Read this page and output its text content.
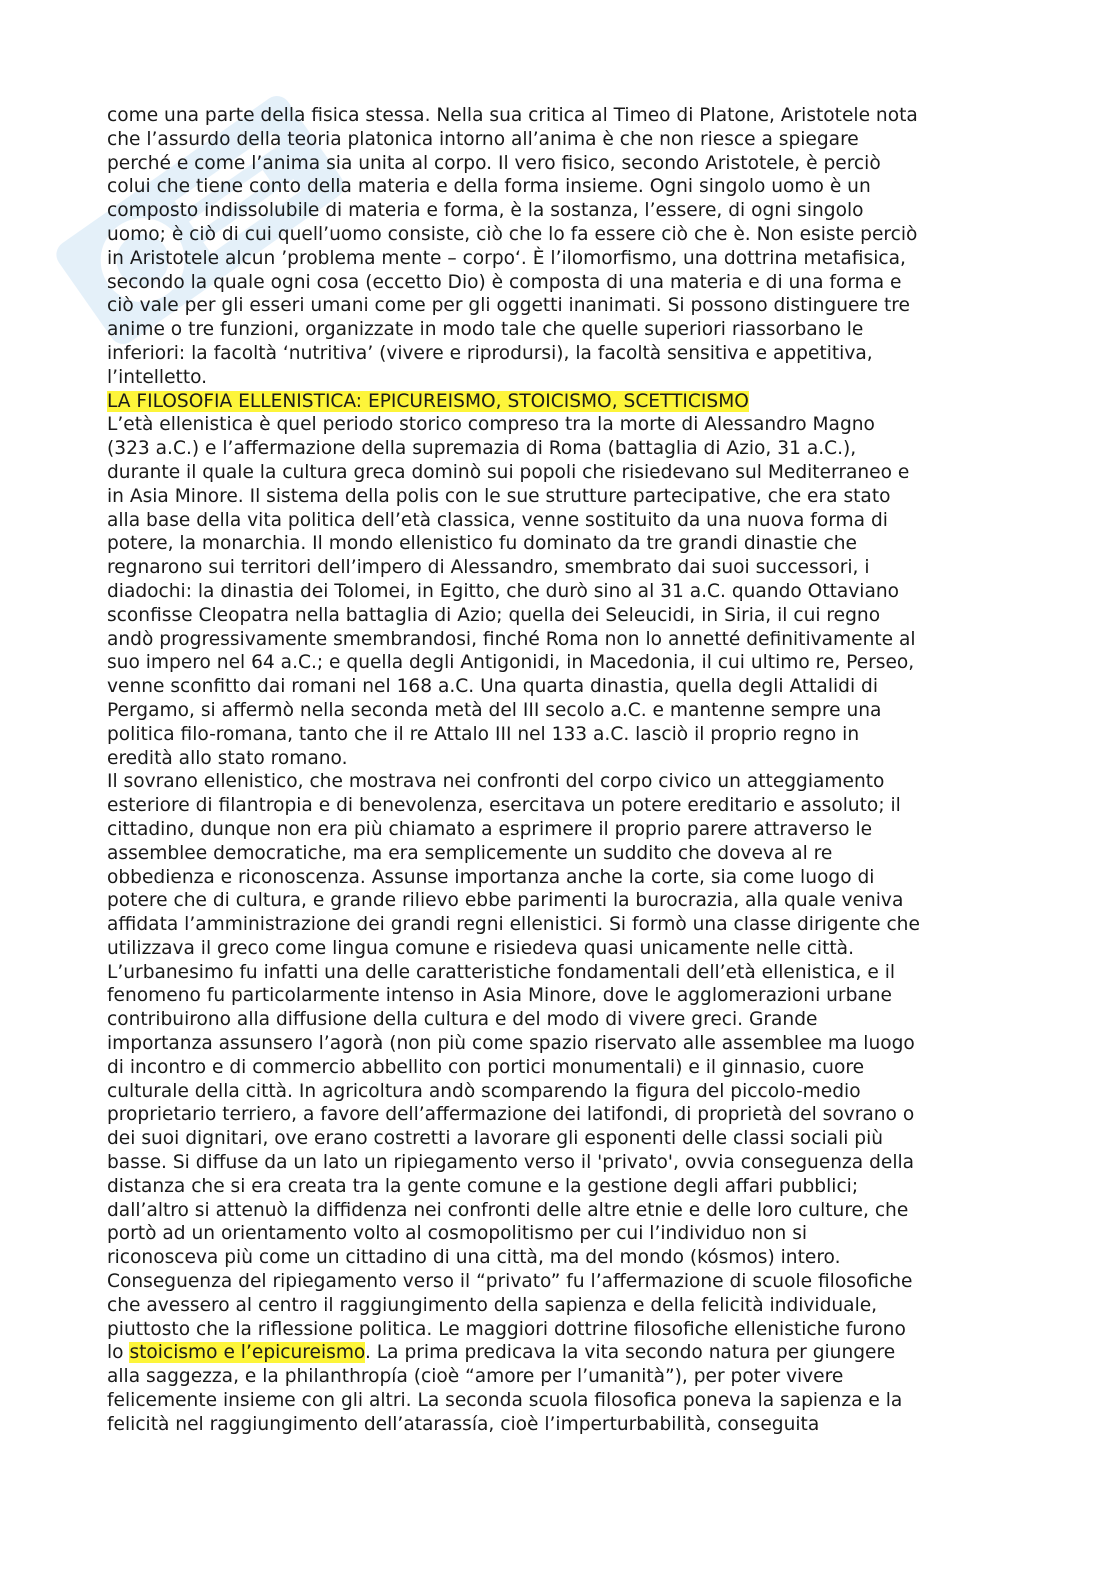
come una parte della fisica stessa. Nella sua critica al Timeo di Platone, Aristotele nota
che l’assurdo della teoria platonica intorno all’anima è che non riesce a spiegare
perché e come l’anima sia unita al corpo. Il vero fisico, secondo Aristotele, è perciò
colui che tiene conto della materia e della forma insieme. Ogni singolo uomo è un
composto indissolubile di materia e forma, è la sostanza, l’essere, di ogni singolo
uomo; è ciò di cui quell’uomo consiste, ciò che lo fa essere ciò che è. Non esiste perciò
in Aristotele alcun ’problema mente – corpo‘. È l’ilomorfismo, una dottrina metafisica,
secondo la quale ogni cosa (eccetto Dio) è composta di una materia e di una forma e
ciò vale per gli esseri umani come per gli oggetti inanimati. Si possono distinguere tre
anime o tre funzioni, organizzate in modo tale che quelle superiori riassorbano le
inferiori: la facoltà ‘nutritiva’ (vivere e riprodursi), la facoltà sensitiva e appetitiva,
l’intelletto.
LA FILOSOFIA ELLENISTICA: EPICUREISMO, STOICISMO, SCETTICISMO
L’età ellenistica è quel periodo storico compreso tra la morte di Alessandro Magno
(323 a.C.) e l’affermazione della supremazia di Roma (battaglia di Azio, 31 a.C.),
durante il quale la cultura greca dominò sui popoli che risiedevano sul Mediterraneo e
in Asia Minore. Il sistema della polis con le sue strutture partecipative, che era stato
alla base della vita politica dell’età classica, venne sostituito da una nuova forma di
potere, la monarchia. Il mondo ellenistico fu dominato da tre grandi dinastie che
regnarono sui territori dell’impero di Alessandro, smembrato dai suoi successori, i
diadochi: la dinastia dei Tolomei, in Egitto, che durò sino al 31 a.C. quando Ottaviano
sconfisse Cleopatra nella battaglia di Azio; quella dei Seleucidi, in Siria, il cui regno
andò progressivamente smembrandosi, finché Roma non lo annetté definitivamente al
suo impero nel 64 a.C.; e quella degli Antigonidi, in Macedonia, il cui ultimo re, Perseo,
venne sconfitto dai romani nel 168 a.C. Una quarta dinastia, quella degli Attalidi di
Pergamo, si affermò nella seconda metà del III secolo a.C. e mantenne sempre una
politica filo-romana, tanto che il re Attalo III nel 133 a.C. lasciò il proprio regno in
eredità allo stato romano.
Il sovrano ellenistico, che mostrava nei confronti del corpo civico un atteggiamento
esteriore di filantropia e di benevolenza, esercitava un potere ereditario e assoluto; il
cittadino, dunque non era più chiamato a esprimere il proprio parere attraverso le
assemblee democratiche, ma era semplicemente un suddito che doveva al re
obbedienza e riconoscenza. Assunse importanza anche la corte, sia come luogo di
potere che di cultura, e grande rilievo ebbe parimenti la burocrazia, alla quale veniva
affidata l’amministrazione dei grandi regni ellenistici. Si formò una classe dirigente che
utilizzava il greco come lingua comune e risiedeva quasi unicamente nelle città.
L’urbanesimo fu infatti una delle caratteristiche fondamentali dell’età ellenistica, e il
fenomeno fu particolarmente intenso in Asia Minore, dove le agglomerazioni urbane
contribuirono alla diffusione della cultura e del modo di vivere greci. Grande
importanza assunsero l’agorà (non più come spazio riservato alle assemblee ma luogo
di incontro e di commercio abbellito con portici monumentali) e il ginnasio, cuore
culturale della città. In agricoltura andò scomparendo la figura del piccolo-medio
proprietario terriero, a favore dell’affermazione dei latifondi, di proprietà del sovrano o
dei suoi dignitari, ove erano costretti a lavorare gli esponenti delle classi sociali più
basse. Si diffuse da un lato un ripiegamento verso il 'privato', ovvia conseguenza della
distanza che si era creata tra la gente comune e la gestione degli affari pubblici;
dall’altro si attenuò la diffidenza nei confronti delle altre etnie e delle loro culture, che
portò ad un orientamento volto al cosmopolitismo per cui l’individuo non si
riconosceva più come un cittadino di una città, ma del mondo (kósmos) intero.
Conseguenza del ripiegamento verso il “privato” fu l’affermazione di scuole filosofiche
che avessero al centro il raggiungimento della sapienza e della felicità individuale,
piuttosto che la riflessione politica. Le maggiori dottrine filosofiche ellenistiche furono
lo stoicismo e l’epicureismo. La prima predicava la vita secondo natura per giungere
alla saggezza, e la philanthropía (cioè “amore per l’umanità”), per poter vivere
felicemente insieme con gli altri. La seconda scuola filosofica poneva la sapienza e la
felicità nel raggiungimento dell’atarassía, cioè l’imperturbabilità, conseguita
